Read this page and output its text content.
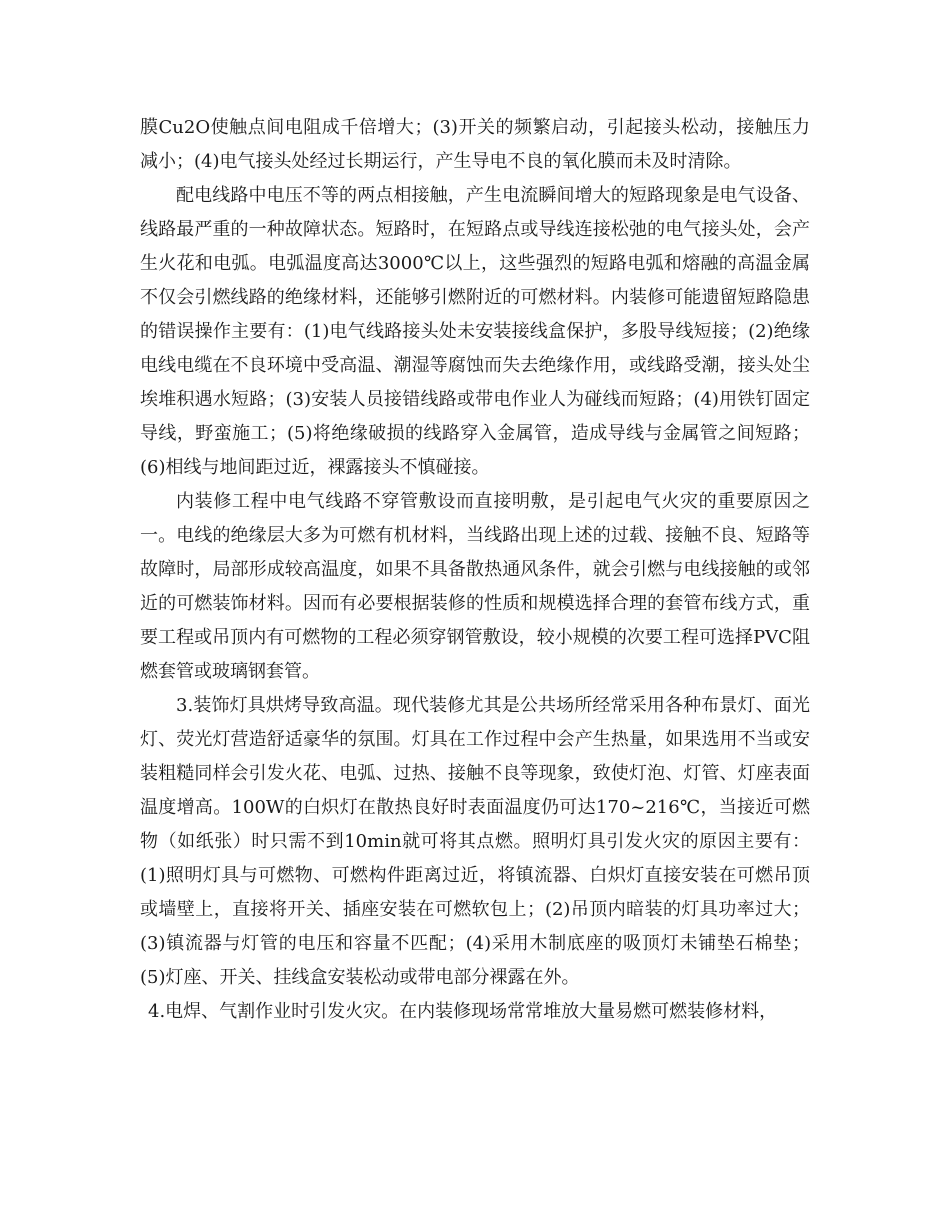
膜Cu2O使触点间电阻成千倍增大；(3)开关的频繁启动，引起接头松动，接触压力减小；(4)电气接头处经过长期运行，产生导电不良的氧化膜而未及时清除。

配电线路中电压不等的两点相接触，产生电流瞬间增大的短路现象是电气设备、线路最严重的一种故障状态。短路时，在短路点或导线连接松弛的电气接头处，会产生火花和电弧。电弧温度高达3000℃以上，这些强烈的短路电弧和熔融的高温金属不仅会引燃线路的绝缘材料，还能够引燃附近的可燃材料。内装修可能遗留短路隐患的错误操作主要有：(1)电气线路接头处未安装接线盒保护，多股导线短接；(2)绝缘电线电缆在不良环境中受高温、潮湿等腐蚀而失去绝缘作用，或线路受潮，接头处尘埃堆积遇水短路；(3)安装人员接错线路或带电作业人为碰线而短路；(4)用铁钉固定导线，野蛮施工；(5)将绝缘破损的线路穿入金属管，造成导线与金属管之间短路；(6)相线与地间距过近，裸露接头不慎碰接。

内装修工程中电气线路不穿管敷设而直接明敷，是引起电气火灾的重要原因之一。电线的绝缘层大多为可燃有机材料，当线路出现上述的过载、接触不良、短路等故障时，局部形成较高温度，如果不具备散热通风条件，就会引燃与电线接触的或邻近的可燃装饰材料。因而有必要根据装修的性质和规模选择合理的套管布线方式，重要工程或吊顶内有可燃物的工程必须穿钢管敷设，较小规模的次要工程可选择PVC阻燃套管或玻璃钢套管。

3.装饰灯具烘烤导致高温。现代装修尤其是公共场所经常采用各种布景灯、面光灯、荧光灯营造舒适豪华的氛围。灯具在工作过程中会产生热量，如果选用不当或安装粗糙同样会引发火花、电弧、过热、接触不良等现象，致使灯泡、灯管、灯座表面温度增高。100W的白炽灯在散热良好时表面温度仍可达170~216℃，当接近可燃物（如纸张）时只需不到10min就可将其点燃。照明灯具引发火灾的原因主要有：(1)照明灯具与可燃物、可燃构件距离过近，将镇流器、白炽灯直接安装在可燃吊顶或墙壁上，直接将开关、插座安装在可燃软包上；(2)吊顶内暗装的灯具功率过大；(3)镇流器与灯管的电压和容量不匹配；(4)采用木制底座的吸顶灯未铺垫石棉垫；(5)灯座、开关、挂线盒安装松动或带电部分裸露在外。

4.电焊、气割作业时引发火灾。在内装修现场常常堆放大量易燃可燃装修材料，
